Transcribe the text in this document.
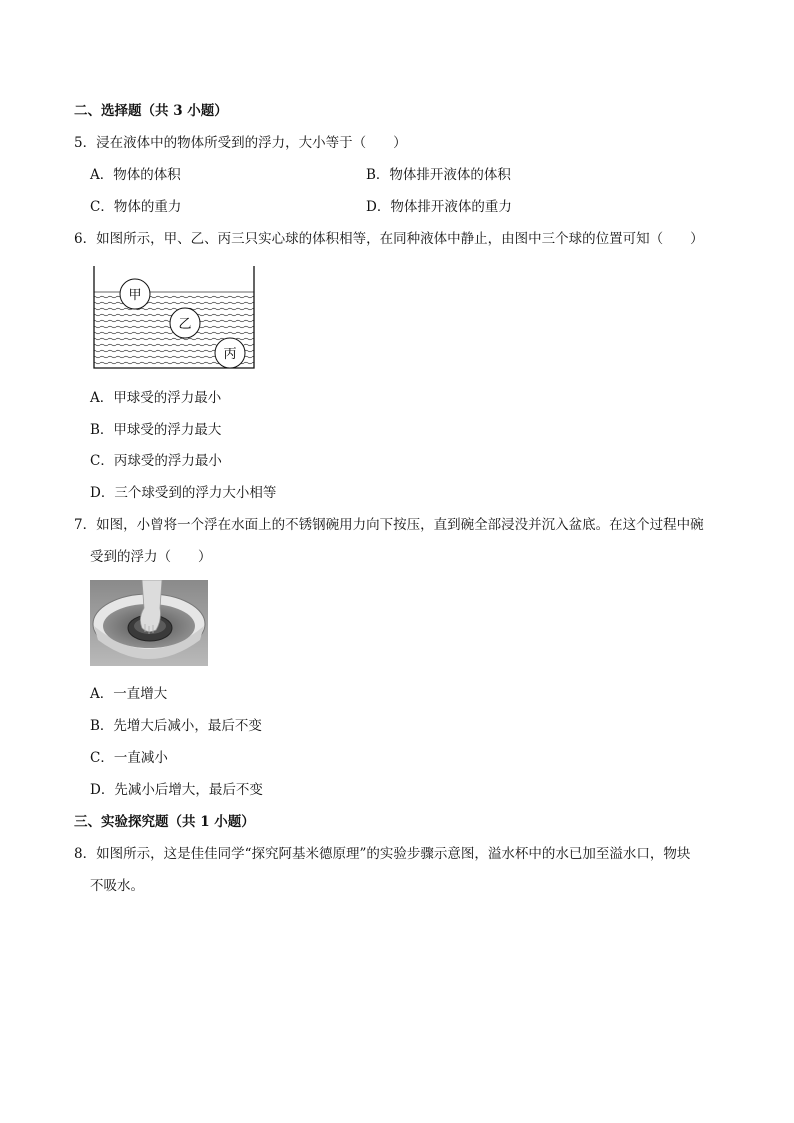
二、选择题（共 3 小题）
5．浸在液体中的物体所受到的浮力，大小等于（　　）
A．物体的体积	B．物体排开液体的体积
C．物体的重力	D．物体排开液体的重力
6．如图所示，甲、乙、丙三只实心球的体积相等，在同种液体中静止，由图中三个球的位置可知（　　）
甲
乙
丙
A．甲球受的浮力最小
B．甲球受的浮力最大
C．丙球受的浮力最小
D．三个球受到的浮力大小相等
7．如图，小曾将一个浮在水面上的不锈钢碗用力向下按压，直到碗全部浸没并沉入盆底。在这个过程中碗
受到的浮力（　　）
A．一直增大
B．先增大后减小，最后不变
C．一直减小
D．先减小后增大，最后不变
三、实验探究题（共 1 小题）
8．如图所示，这是佳佳同学“探究阿基米德原理”的实验步骤示意图，溢水杯中的水已加至溢水口，物块
不吸水。
